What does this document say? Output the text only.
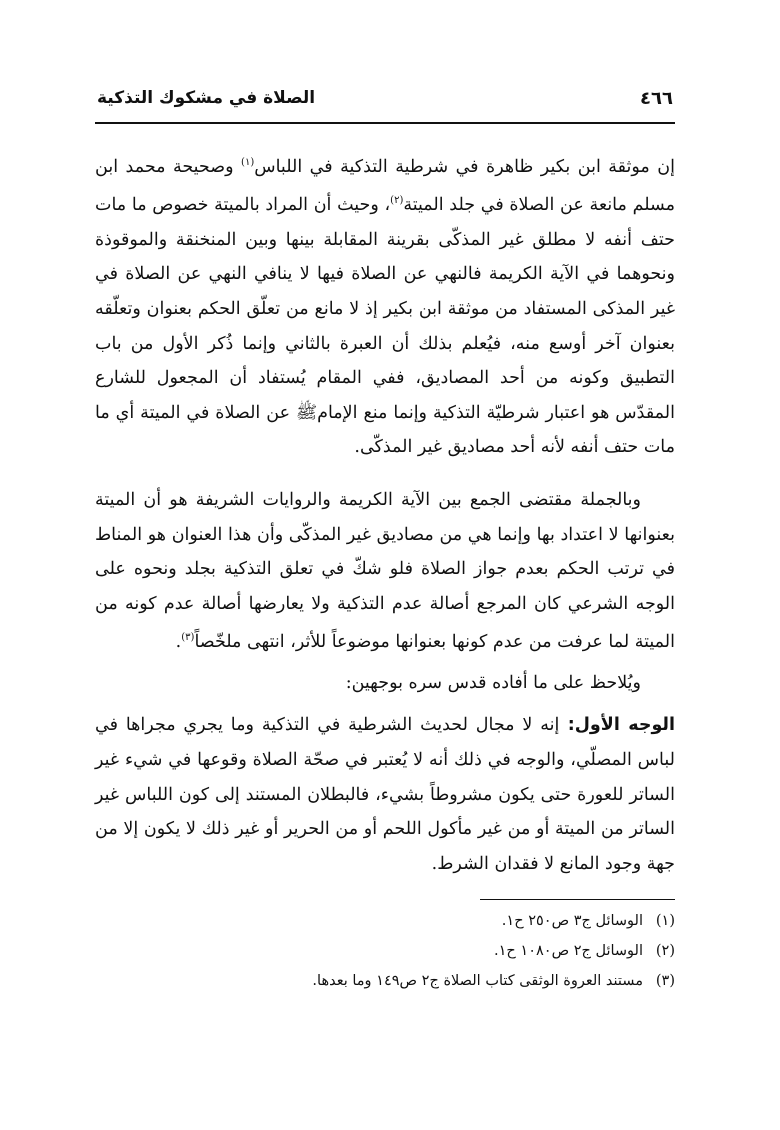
٤٦٦
الصلاة في مشكوك التذكية

إن موثقة ابن بكير ظاهرة في شرطية التذكية في اللباس$^{(١)}$ وصحيحة محمد ابن مسلم مانعة عن الصلاة في جلد الميتة$^{(٢)}$، وحيث أن المراد بالميتة خصوص ما مات حتف أنفه لا مطلق غير المذكّى بقرينة المقابلة بينها وبين المنخنقة والموقوذة ونحوهما في الآية الكريمة فالنهي عن الصلاة فيها لا ينافي النهي عن الصلاة في غير المذكى المستفاد من موثقة ابن بكير إذ لا مانع من تعلّق الحكم بعنوان وتعلّقه بعنوان آخر أوسع منه، فيُعلم بذلك أن العبرة بالثاني وإنما ذُكر الأول من باب التطبيق وكونه من أحد المصاديق، ففي المقام يُستفاد أن المجعول للشارع المقدّس هو اعتبار شرطيّة التذكية وإنما منع الإمامﷺ عن الصلاة في الميتة أي ما مات حتف أنفه لأنه أحد مصاديق غير المذكّى.

وبالجملة مقتضى الجمع بين الآية الكريمة والروايات الشريفة هو أن الميتة بعنوانها لا اعتداد بها وإنما هي من مصاديق غير المذكّى وأن هذا العنوان هو المناط في ترتب الحكم بعدم جواز الصلاة فلو شكّ في تعلق التذكية بجلد ونحوه على الوجه الشرعي كان المرجع أصالة عدم التذكية ولا يعارضها أصالة عدم كونه من الميتة لما عرفت من عدم كونها بعنوانها موضوعاً للأثر، انتهى ملخّصاً$^{(٣)}$.

ويُلاحظ على ما أفاده قدس سره بوجهين:

الوجه الأول: إنه لا مجال لحديث الشرطية في التذكية وما يجري مجراها في لباس المصلّي، والوجه في ذلك أنه لا يُعتبر في صحّة الصلاة وقوعها في شيء غير الساتر للعورة حتى يكون مشروطاً بشيء، فالبطلان المستند إلى كون اللباس غير الساتر من الميتة أو من غير مأكول اللحم أو من الحرير أو غير ذلك لا يكون إلا من جهة وجود المانع لا فقدان الشرط.

(١)الوسائل ج٣ ص٢٥٠ ح١.
(٢)الوسائل ج٢ ص١٠٨٠ ح١.
(٣)مستند العروة الوثقى كتاب الصلاة ج٢ ص١٤٩ وما بعدها.
